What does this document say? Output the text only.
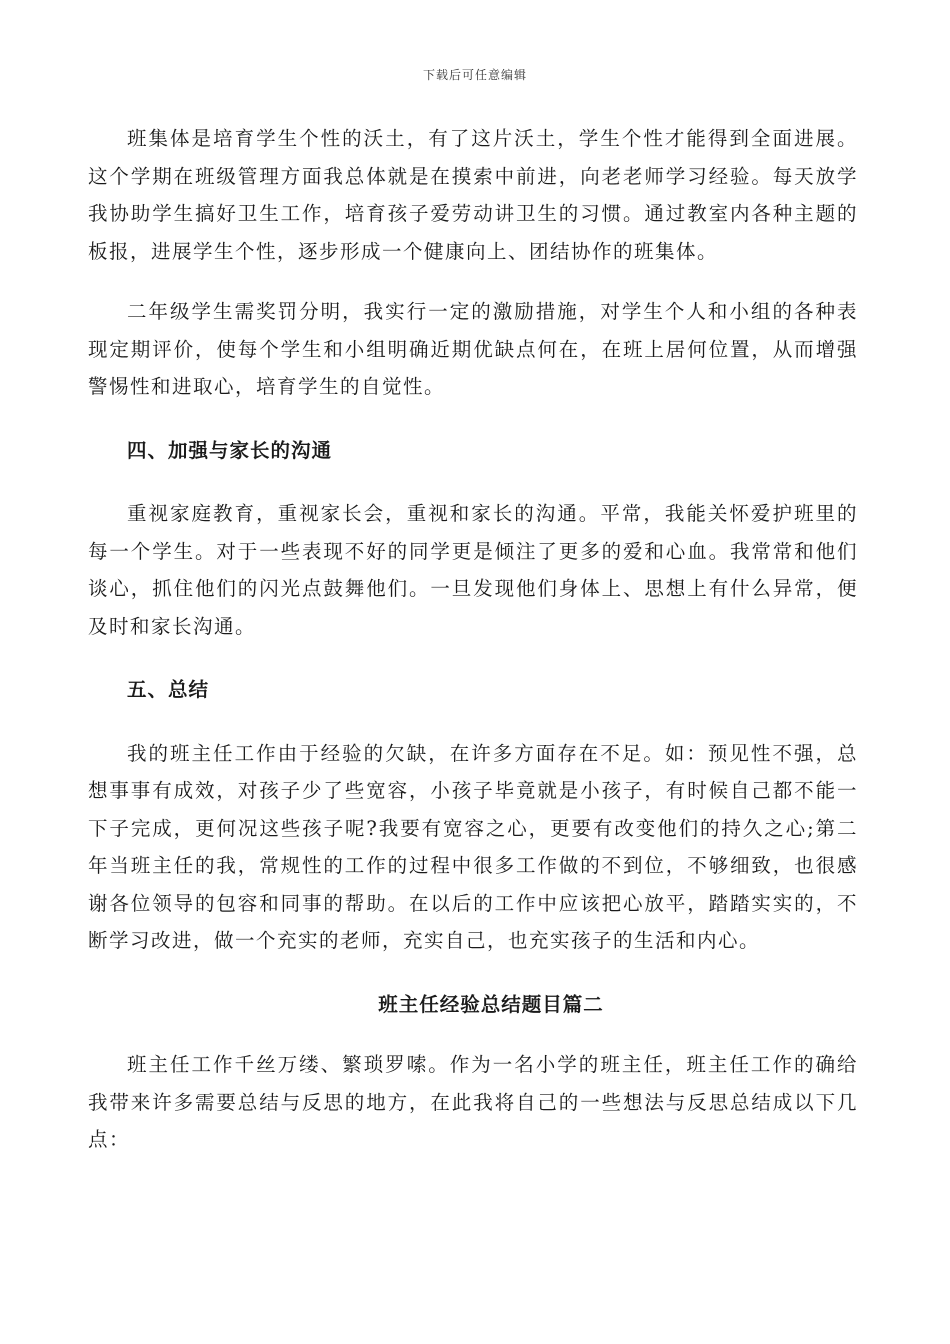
下载后可任意编辑

班集体是培育学生个性的沃土，有了这片沃土，学生个性才能得到全面进展。这个学期在班级管理方面我总体就是在摸索中前进，向老老师学习经验。每天放学我协助学生搞好卫生工作，培育孩子爱劳动讲卫生的习惯。通过教室内各种主题的板报，进展学生个性，逐步形成一个健康向上、团结协作的班集体。

二年级学生需奖罚分明，我实行一定的激励措施，对学生个人和小组的各种表现定期评价，使每个学生和小组明确近期优缺点何在，在班上居何位置，从而增强警惕性和进取心，培育学生的自觉性。

四、加强与家长的沟通

重视家庭教育，重视家长会，重视和家长的沟通。平常，我能关怀爱护班里的每一个学生。对于一些表现不好的同学更是倾注了更多的爱和心血。我常常和他们谈心，抓住他们的闪光点鼓舞他们。一旦发现他们身体上、思想上有什么异常，便及时和家长沟通。

五、总结

我的班主任工作由于经验的欠缺，在许多方面存在不足。如：预见性不强，总想事事有成效，对孩子少了些宽容，小孩子毕竟就是小孩子，有时候自己都不能一下子完成，更何况这些孩子呢?我要有宽容之心，更要有改变他们的持久之心;第二年当班主任的我，常规性的工作的过程中很多工作做的不到位，不够细致，也很感谢各位领导的包容和同事的帮助。在以后的工作中应该把心放平，踏踏实实的，不断学习改进，做一个充实的老师，充实自己，也充实孩子的生活和内心。

班主任经验总结题目篇二

班主任工作千丝万缕、繁琐罗嗦。作为一名小学的班主任，班主任工作的确给我带来许多需要总结与反思的地方，在此我将自己的一些想法与反思总结成以下几点：
